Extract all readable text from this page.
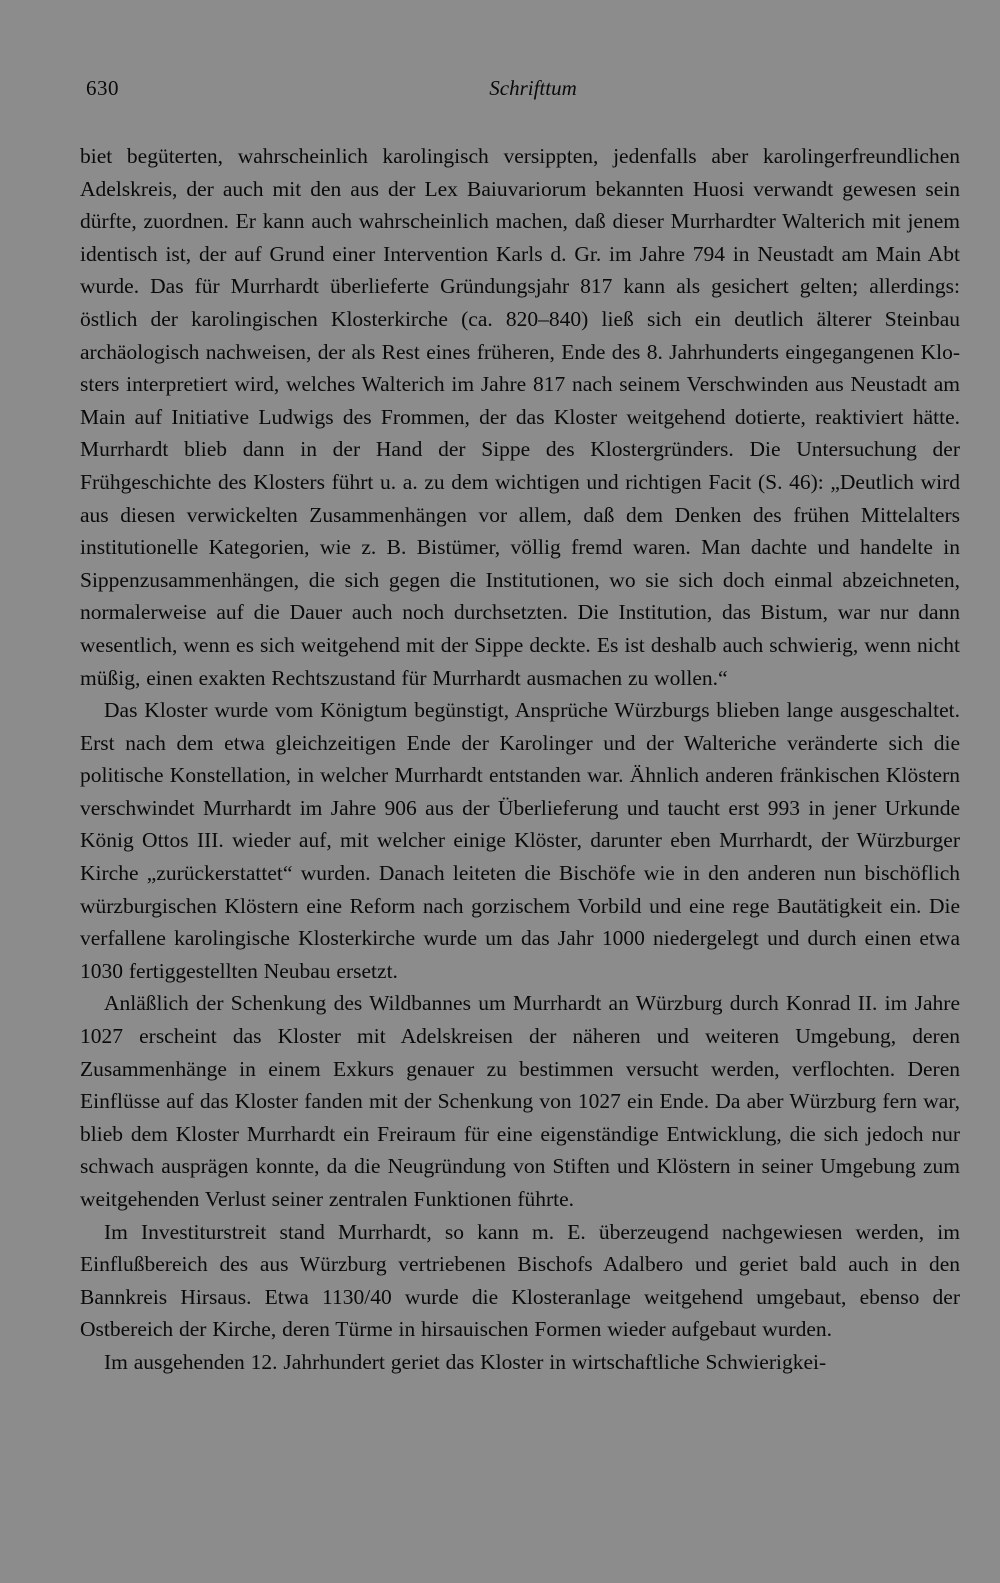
630	Schrifttum

biet begüterten, wahrscheinlich karolingisch versippten, jedenfalls aber karolingerfreundlichen Adelskreis, der auch mit den aus der Lex Baiuvariorum bekannten Huosi verwandt gewesen sein dürfte, zuordnen. Er kann auch wahrscheinlich machen, daß dieser Murrhardter Walterich mit jenem identisch ist, der auf Grund einer Intervention Karls d. Gr. im Jahre 794 in Neustadt am Main Abt wurde. Das für Murrhardt überlieferte Gründungsjahr 817 kann als gesichert gelten; allerdings: östlich der karolingischen Klosterkirche (ca. 820–840) ließ sich ein deutlich älterer Steinbau archäologisch nachweisen, der als Rest eines früheren, Ende des 8. Jahrhunderts eingegangenen Klosters interpretiert wird, welches Walterich im Jahre 817 nach seinem Verschwinden aus Neustadt am Main auf Initiative Ludwigs des Frommen, der das Kloster weitgehend dotierte, reaktiviert hätte. Murrhardt blieb dann in der Hand der Sippe des Klostergründers. Die Untersuchung der Frühgeschichte des Klosters führt u. a. zu dem wichtigen und richtigen Facit (S. 46): „Deutlich wird aus diesen verwickelten Zusammenhängen vor allem, daß dem Denken des frühen Mittelalters institutionelle Kategorien, wie z. B. Bistümer, völlig fremd waren. Man dachte und handelte in Sippenzusammenhängen, die sich gegen die Institutionen, wo sie sich doch einmal abzeichneten, normalerweise auf die Dauer auch noch durchsetzten. Die Institution, das Bistum, war nur dann wesentlich, wenn es sich weitgehend mit der Sippe deckte. Es ist deshalb auch schwierig, wenn nicht müßig, einen exakten Rechtszustand für Murrhardt ausmachen zu wollen.“

Das Kloster wurde vom Königtum begünstigt, Ansprüche Würzburgs blieben lange ausgeschaltet. Erst nach dem etwa gleichzeitigen Ende der Karolinger und der Walteriche veränderte sich die politische Konstellation, in welcher Murrhardt entstanden war. Ähnlich anderen fränkischen Klöstern verschwindet Murrhardt im Jahre 906 aus der Überlieferung und taucht erst 993 in jener Urkunde König Ottos III. wieder auf, mit welcher einige Klöster, darunter eben Murrhardt, der Würzburger Kirche „zurückerstattet“ wurden. Danach leiteten die Bischöfe wie in den anderen nun bischöflich würzburgischen Klöstern eine Reform nach gorzischem Vorbild und eine rege Bautätigkeit ein. Die verfallene karolingische Klosterkirche wurde um das Jahr 1000 niedergelegt und durch einen etwa 1030 fertiggestellten Neubau ersetzt.

Anläßlich der Schenkung des Wildbannes um Murrhardt an Würzburg durch Konrad II. im Jahre 1027 erscheint das Kloster mit Adelskreisen der näheren und weiteren Umgebung, deren Zusammenhänge in einem Exkurs genauer zu bestimmen versucht werden, verflochten. Deren Einflüsse auf das Kloster fanden mit der Schenkung von 1027 ein Ende. Da aber Würzburg fern war, blieb dem Kloster Murrhardt ein Freiraum für eine eigenständige Entwicklung, die sich jedoch nur schwach ausprägen konnte, da die Neugründung von Stiften und Klöstern in seiner Umgebung zum weitgehenden Verlust seiner zentralen Funktionen führte.

Im Investiturstreit stand Murrhardt, so kann m. E. überzeugend nachgewiesen werden, im Einflußbereich des aus Würzburg vertriebenen Bischofs Adalbero und geriet bald auch in den Bannkreis Hirsaus. Etwa 1130/40 wurde die Klosteranlage weitgehend umgebaut, ebenso der Ostbereich der Kirche, deren Türme in hirsauischen Formen wieder aufgebaut wurden.

Im ausgehenden 12. Jahrhundert geriet das Kloster in wirtschaftliche Schwierigkei-
